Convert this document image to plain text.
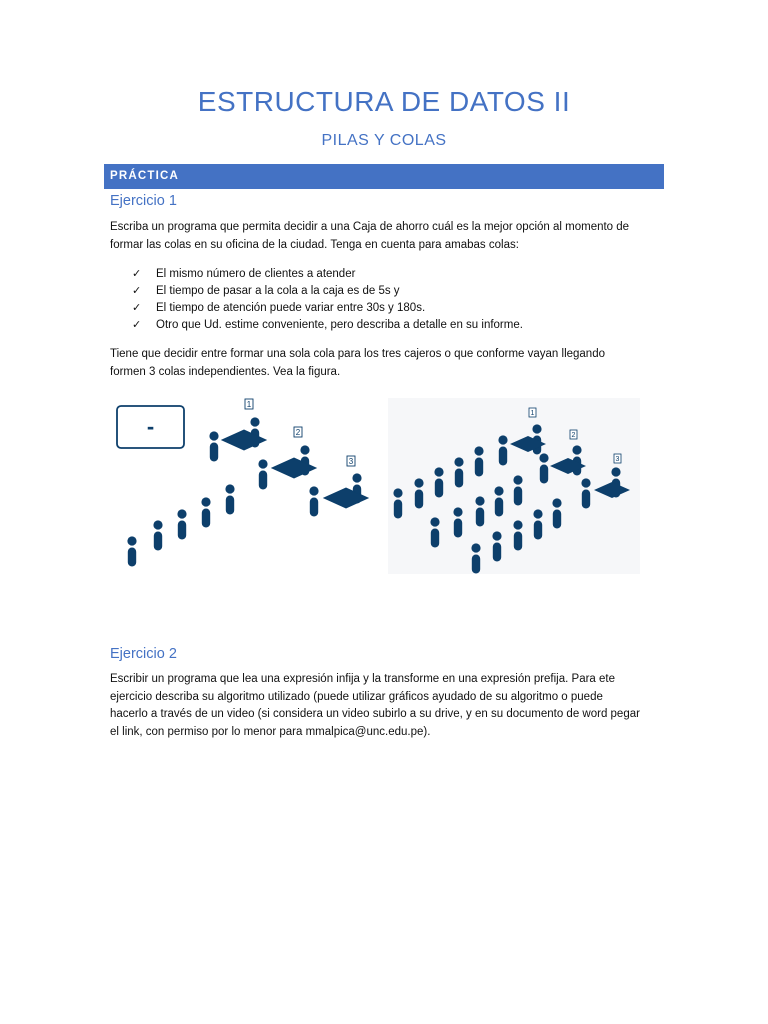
ESTRUCTURA DE DATOS II
PILAS Y COLAS
PRÁCTICA
Ejercicio 1

Escriba un programa que permita decidir a una Caja de ahorro cuál es la mejor opción al momento de

formar las colas en su oficina de la ciudad. Tenga en cuenta para amabas colas:

✓ El mismo número de clientes a atender
✓ El tiempo de pasar a la cola a la caja es de 5s y
✓ El tiempo de atención puede variar entre 30s y 180s.
✓ Otro que Ud. estime conveniente, pero describa a detalle en su informe.

Tiene que decidir entre formar una sola cola para los tres cajeros o que conforme vayan llegando

formen 3 colas independientes. Vea la figura.

-
1
2
3
1
2
3
Ejercicio 2

Escribir un programa que lea una expresión infija y la transforme en una expresión prefija. Para ete

ejercicio describa su algoritmo utilizado (puede utilizar gráficos ayudado de su algoritmo o puede

hacerlo a través de un video (si considera un video subirlo a su drive, y en su documento de word pegar

el link, con permiso por lo menor para mmalpica@unc.edu.pe).
